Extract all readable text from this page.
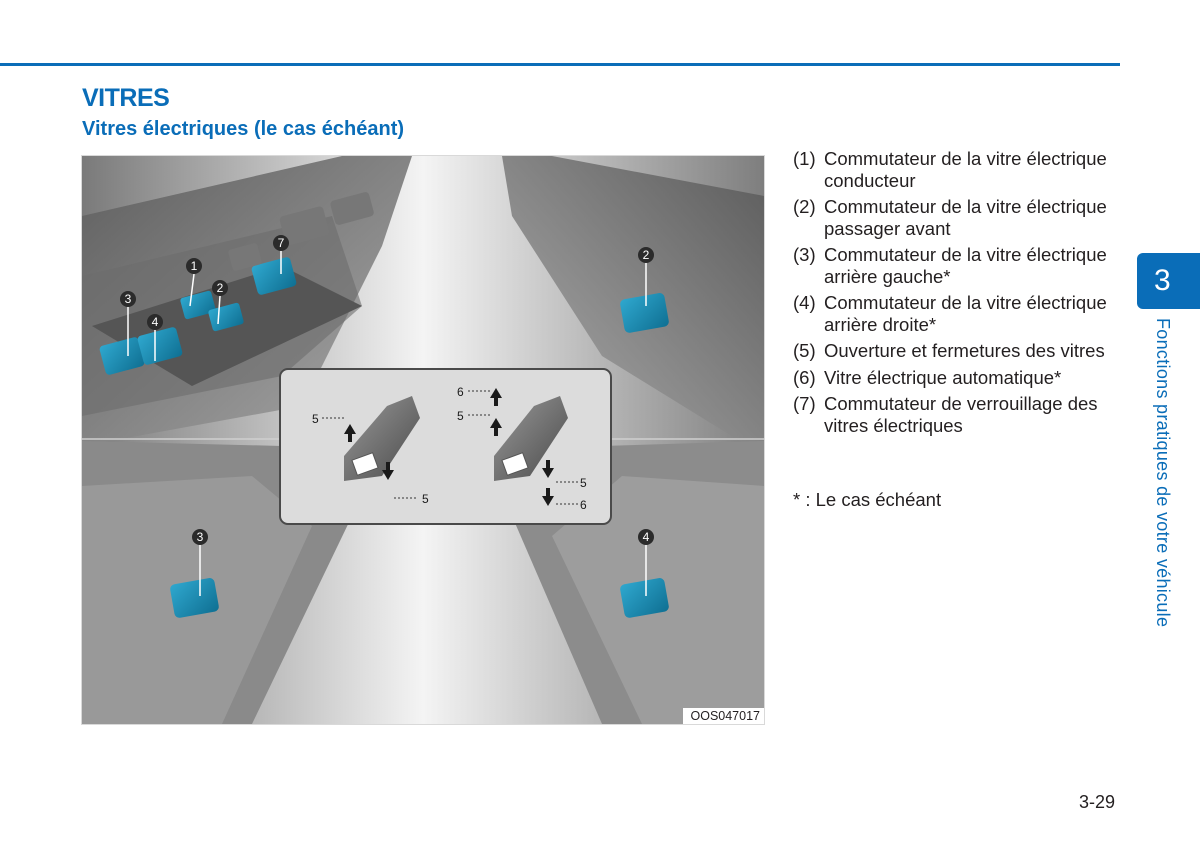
VITRES
Vitres électriques (le cas échéant)
1
2
3
4
7
2
3	4
5
5
6
5
5
6
OOS047017
(1) Commutateur de la vitre électrique conducteur
(2) Commutateur de la vitre électrique passager avant
(3) Commutateur de la vitre électrique arrière gauche*
(4) Commutateur de la vitre électrique arrière droite*
(5) Ouverture et fermetures des vitres
(6) Vitre électrique automatique*
(7) Commutateur de verrouillage des vitres électriques
* : Le cas échéant
3
Fonctions pratiques de votre véhicule
3-29
